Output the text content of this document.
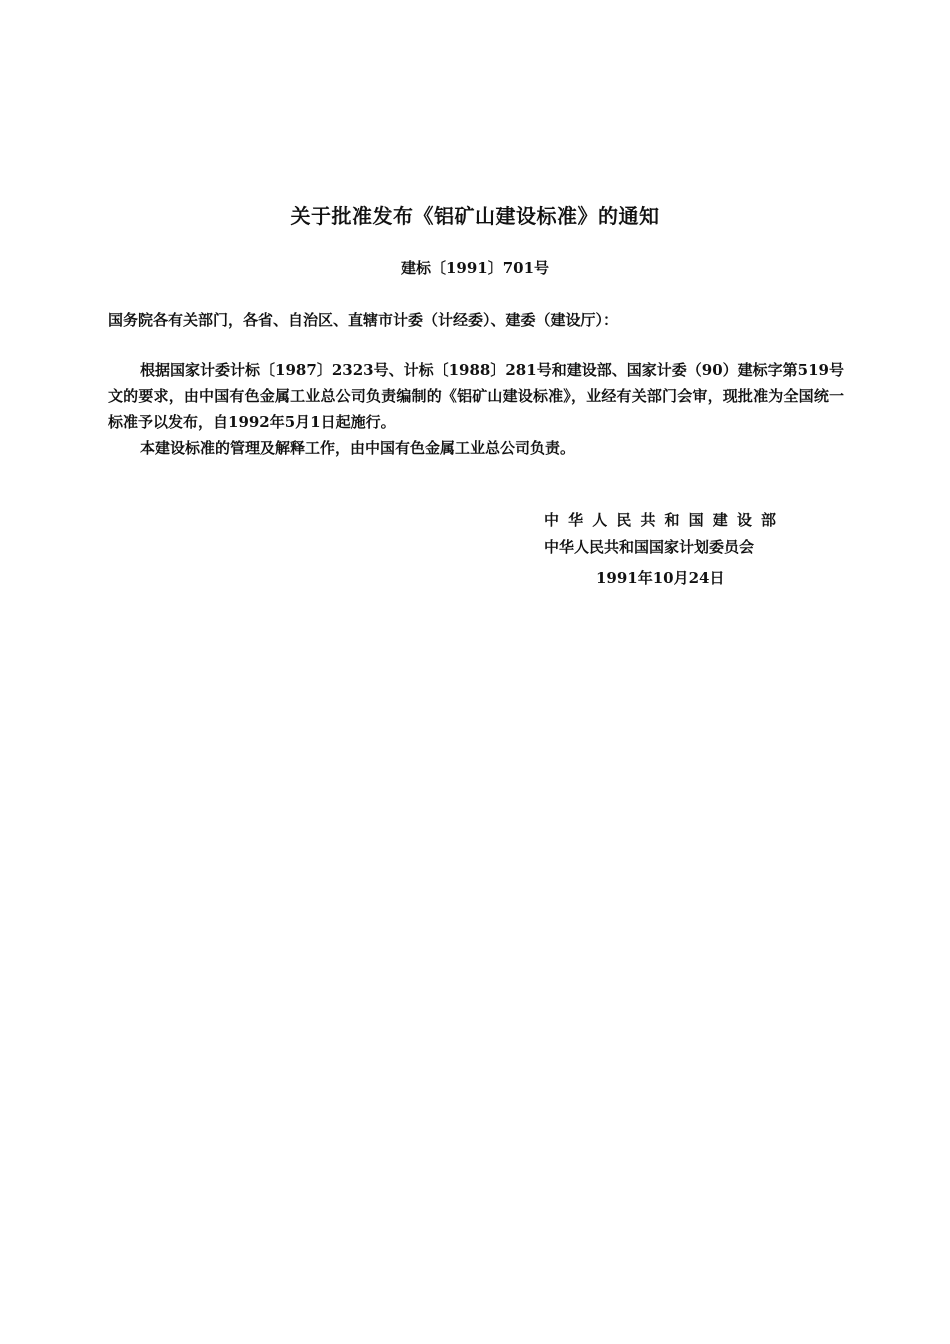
关于批准发布《铝矿山建设标准》的通知
建标〔1991〕701号
国务院各有关部门，各省、自治区、直辖市计委（计经委）、建委（建设厅）：

根据国家计委计标〔1987〕2323号、计标〔1988〕281号和建设部、国家计委（90）建标字第519号文的要求，由中国有色金属工业总公司负责编制的《铝矿山建设标准》，业经有关部门会审，现批准为全国统一标准予以发布，自1992年5月1日起施行。

本建设标准的管理及解释工作，由中国有色金属工业总公司负责。

中华人民共和国建设部
中华人民共和国国家计划委员会
1991年10月24日
